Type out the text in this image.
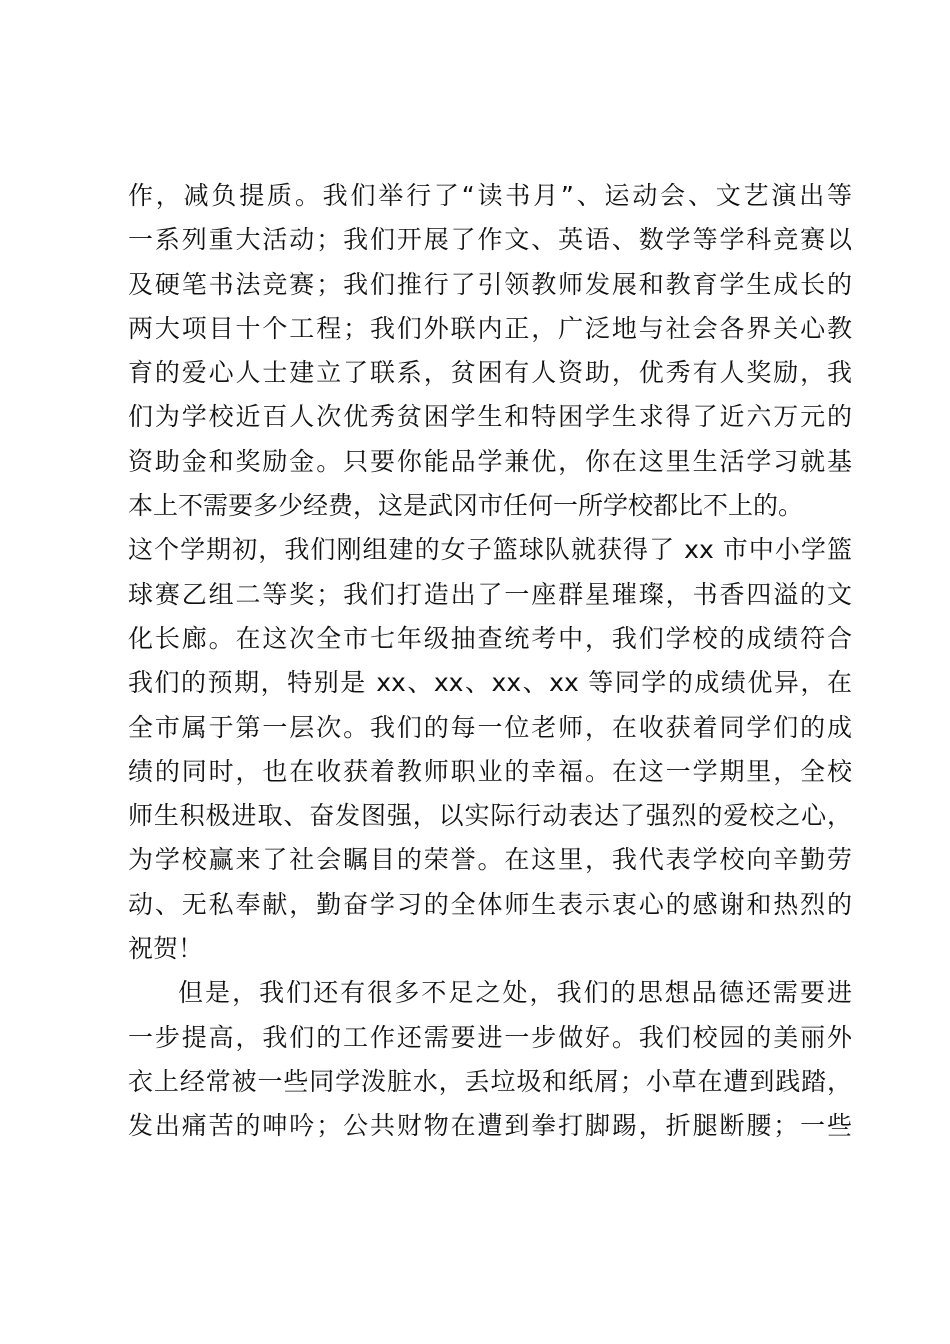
作，减负提质。我们举行了“读书月”、运动会、文艺演出等
一系列重大活动；我们开展了作文、英语、数学等学科竞赛以
及硬笔书法竞赛；我们推行了引领教师发展和教育学生成长的
两大项目十个工程；我们外联内正，广泛地与社会各界关心教
育的爱心人士建立了联系，贫困有人资助，优秀有人奖励，我
们为学校近百人次优秀贫困学生和特困学生求得了近六万元的
资助金和奖励金。只要你能品学兼优，你在这里生活学习就基
本上不需要多少经费，这是武冈市任何一所学校都比不上的。
这个学期初，我们刚组建的女子篮球队就获得了 xx 市中小学篮
球赛乙组二等奖；我们打造出了一座群星璀璨，书香四溢的文
化长廊。在这次全市七年级抽查统考中，我们学校的成绩符合
我们的预期，特别是 xx、xx、xx、xx 等同学的成绩优异，在
全市属于第一层次。我们的每一位老师，在收获着同学们的成
绩的同时，也在收获着教师职业的幸福。在这一学期里，全校
师生积极进取、奋发图强，以实际行动表达了强烈的爱校之心，
为学校赢来了社会瞩目的荣誉。在这里，我代表学校向辛勤劳
动、无私奉献，勤奋学习的全体师生表示衷心的感谢和热烈的
祝贺！
但是，我们还有很多不足之处，我们的思想品德还需要进
一步提高，我们的工作还需要进一步做好。我们校园的美丽外
衣上经常被一些同学泼脏水，丢垃圾和纸屑；小草在遭到践踏，
发出痛苦的呻吟；公共财物在遭到拳打脚踢，折腿断腰；一些
